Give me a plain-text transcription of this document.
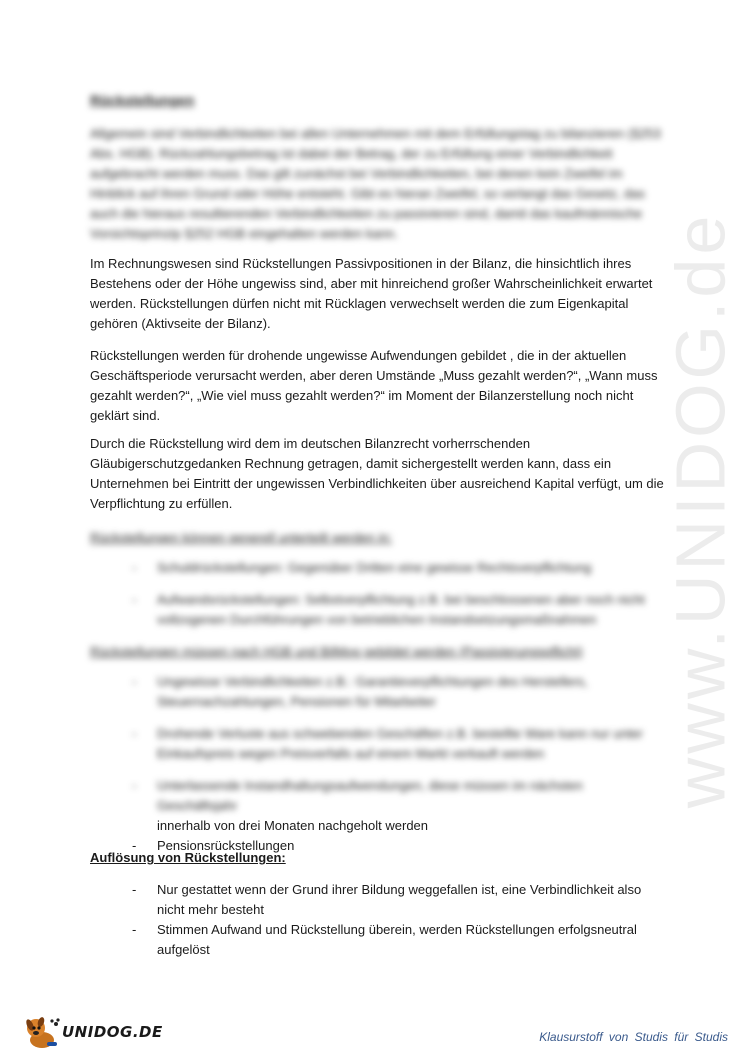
Rückstellungen

Allgemein sind Verbindlichkeiten bei allen Unternehmen mit dem Erfüllungstag zu bilanzieren (§253 Abs. HGB). Rückzahlungsbetrag ist dabei der Betrag, der zu Erfüllung einer Verbindlichkeit aufgebracht werden muss. Das gilt zunächst bei Verbindlichkeiten, bei denen kein Zweifel im Hinblick auf ihren Grund oder Höhe entsteht. Gibt es hieran Zweifel, so verlangt das Gesetz, das auch die hieraus resultierenden Verbindlichkeiten zu passivieren sind, damit das kaufmännische Vorsichtsprinzip §252 HGB eingehalten werden kann.

Im Rechnungswesen sind Rückstellungen Passivpositionen in der Bilanz, die hinsichtlich ihres Bestehens oder der Höhe ungewiss sind, aber mit hinreichend großer Wahrscheinlichkeit erwartet werden. Rückstellungen dürfen nicht mit Rücklagen verwechselt werden die zum Eigenkapital gehören (Aktivseite der Bilanz).

Rückstellungen werden für drohende ungewisse Aufwendungen gebildet , die in der aktuellen Geschäftsperiode verursacht werden, aber deren Umstände „Muss gezahlt werden?“, „Wann muss gezahlt werden?“, „Wie viel muss gezahlt werden?“ im Moment der Bilanzerstellung noch nicht geklärt sind.

Durch die Rückstellung wird dem im deutschen Bilanzrecht vorherrschenden Gläubigerschutzgedanken Rechnung getragen, damit sichergestellt werden kann, dass ein Unternehmen bei Eintritt der ungewissen Verbindlichkeiten über ausreichend Kapital verfügt, um die Verpflichtung zu erfüllen.

Rückstellungen können generell unterteilt werden in:
- Schuldrückstellungen: Gegenüber Dritten eine gewisse Rechtsverpflichtung
- Aufwandsrückstellungen: Selbstverpflichtung z.B. bei beschlossenen aber noch nicht vollzogenen Durchführungen von betrieblichen Instandsetzungsmaßnahmen
Rückstellungen müssen nach HGB und BilMog gebildet werden (Passivierungspflicht)
- Ungewisse Verbindlichkeiten z.B.: Garantieverpflichtungen des Herstellers, Steuernachzahlungen, Pensionen für Mitarbeiter
- Drohende Verluste aus schwebenden Geschäften z.B. bestellte Ware kann nur unter Einkaufspreis wegen Preisverfalls auf einem Markt verkauft werden
- Unterlassende Instandhaltungsaufwendungen, diese müssen im nächsten Geschäftsjahr
innerhalb von drei Monaten nachgeholt werden
- Pensionsrückstellungen
Auflösung von Rückstellungen:
- Nur gestattet wenn der Grund ihrer Bildung weggefallen ist, eine Verbindlichkeit also nicht mehr besteht
- Stimmen Aufwand und Rückstellung überein, werden Rückstellungen erfolgsneutral aufgelöst
www.UNIDOG.de
UNIDOG.DE	Klausurstoff von Studis für Studis
